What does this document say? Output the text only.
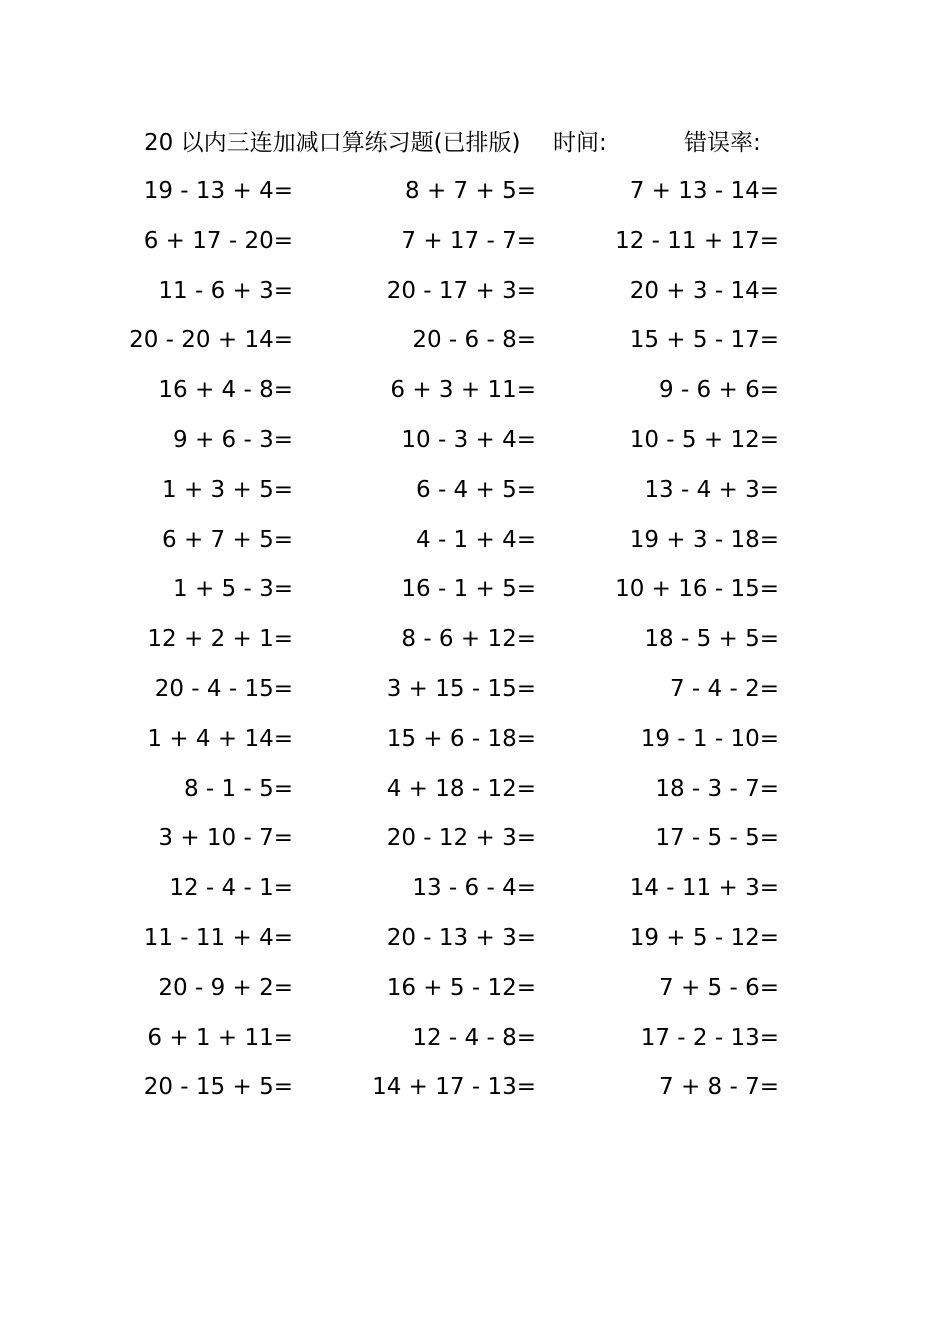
20 以内三连加减口算练习题(已排版) 时间:	错误率:
19 - 13 + 4=	8 + 7 + 5=	7 + 13 - 14=
6 + 17 - 20=	7 + 17 - 7=	12 - 11 + 17=
11 - 6 + 3=	20 - 17 + 3=	20 + 3 - 14=
20 - 20 + 14=	20 - 6 - 8=	15 + 5 - 17=
16 + 4 - 8=	6 + 3 + 11=	9 - 6 + 6=
9 + 6 - 3=	10 - 3 + 4=	10 - 5 + 12=
1 + 3 + 5=	6 - 4 + 5=	13 - 4 + 3=
6 + 7 + 5=	4 - 1 + 4=	19 + 3 - 18=
1 + 5 - 3=	16 - 1 + 5=	10 + 16 - 15=
12 + 2 + 1=	8 - 6 + 12=	18 - 5 + 5=
20 - 4 - 15=	3 + 15 - 15=	7 - 4 - 2=
1 + 4 + 14=	15 + 6 - 18=	19 - 1 - 10=
8 - 1 - 5=	4 + 18 - 12=	18 - 3 - 7=
3 + 10 - 7=	20 - 12 + 3=	17 - 5 - 5=
12 - 4 - 1=	13 - 6 - 4=	14 - 11 + 3=
11 - 11 + 4=	20 - 13 + 3=	19 + 5 - 12=
20 - 9 + 2=	16 + 5 - 12=	7 + 5 - 6=
6 + 1 + 11=	12 - 4 - 8=	17 - 2 - 13=
20 - 15 + 5=	14 + 17 - 13=	7 + 8 - 7=
